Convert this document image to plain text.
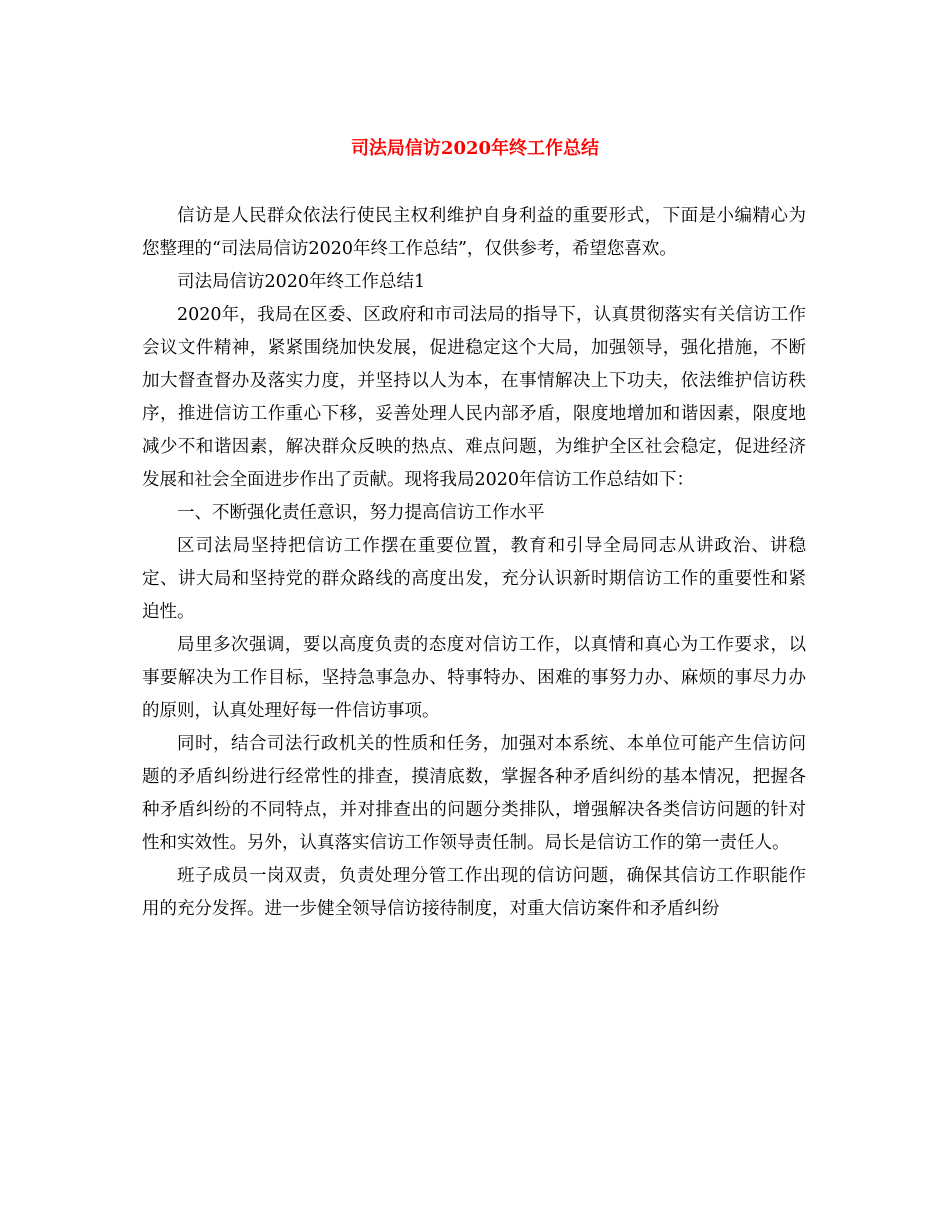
司法局信访2020年终工作总结

信访是人民群众依法行使民主权利维护自身利益的重要形式，下面是小编精心为您整理的“司法局信访2020年终工作总结”，仅供参考，希望您喜欢。

司法局信访2020年终工作总结1

2020年，我局在区委、区政府和市司法局的指导下，认真贯彻落实有关信访工作会议文件精神，紧紧围绕加快发展，促进稳定这个大局，加强领导，强化措施，不断加大督查督办及落实力度，并坚持以人为本，在事情解决上下功夫，依法维护信访秩序，推进信访工作重心下移，妥善处理人民内部矛盾，限度地增加和谐因素，限度地减少不和谐因素，解决群众反映的热点、难点问题，为维护全区社会稳定，促进经济发展和社会全面进步作出了贡献。现将我局2020年信访工作总结如下：

一、不断强化责任意识，努力提高信访工作水平

区司法局坚持把信访工作摆在重要位置，教育和引导全局同志从讲政治、讲稳定、讲大局和坚持党的群众路线的高度出发，充分认识新时期信访工作的重要性和紧迫性。

局里多次强调，要以高度负责的态度对信访工作，以真情和真心为工作要求，以事要解决为工作目标，坚持急事急办、特事特办、困难的事努力办、麻烦的事尽力办的原则，认真处理好每一件信访事项。

同时，结合司法行政机关的性质和任务，加强对本系统、本单位可能产生信访问题的矛盾纠纷进行经常性的排查，摸清底数，掌握各种矛盾纠纷的基本情况，把握各种矛盾纠纷的不同特点，并对排查出的问题分类排队，增强解决各类信访问题的针对性和实效性。另外，认真落实信访工作领导责任制。局长是信访工作的第一责任人。

班子成员一岗双责，负责处理分管工作出现的信访问题，确保其信访工作职能作用的充分发挥。进一步健全领导信访接待制度，对重大信访案件和矛盾纠纷
